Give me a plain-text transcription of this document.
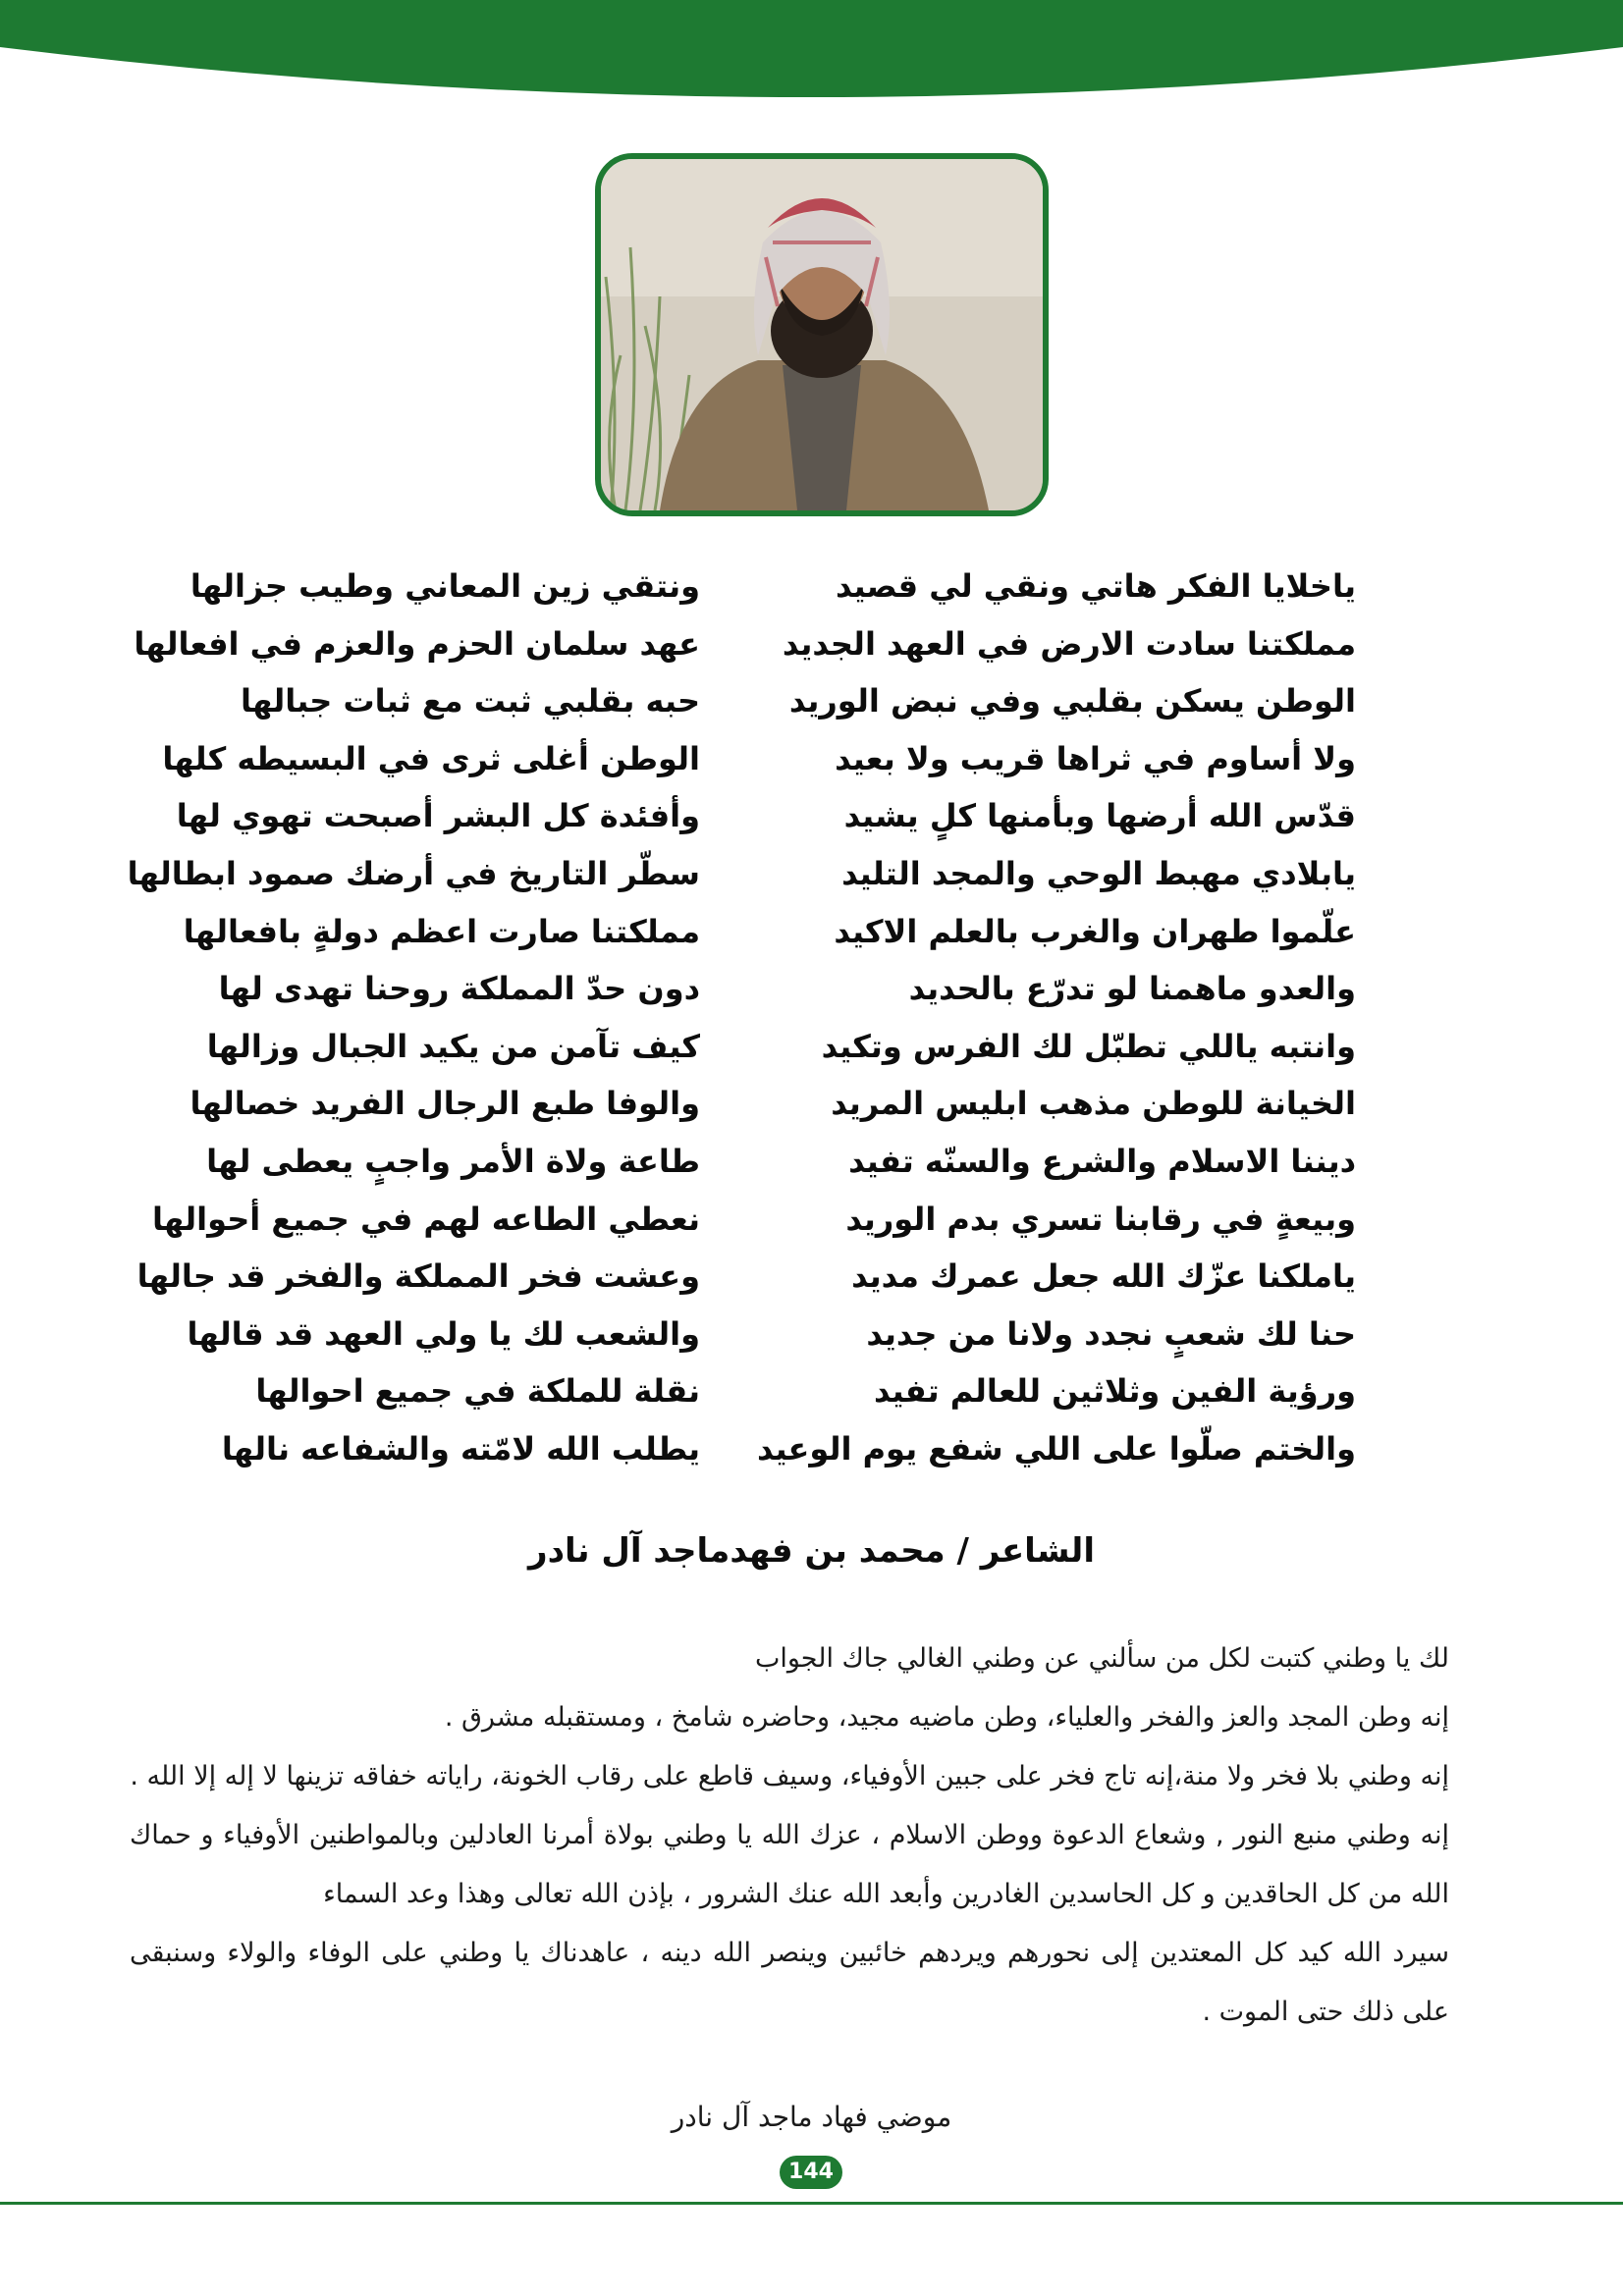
ياخلايا الفكر هاتي ونقي لي قصيد
مملكتنا سادت الارض في العهد الجديد
الوطن يسكن بقلبي وفي نبض الوريد
ولا أساوم في ثراها قريب ولا بعيد
قدّس الله أرضها وبأمنها كلٍ يشيد
يابلادي مهبط الوحي والمجد التليد
علّموا طهران والغرب بالعلم الاكيد
والعدو ماهمنا لو تدرّع بالحديد
وانتبه ياللي تطبّل لك الفرس وتكيد
الخيانة للوطن مذهب ابليس المريد
ديننا الاسلام والشرع والسنّه تفيد
وبيعةٍ في رقابنا تسري بدم الوريد
ياملكنا عزّك الله جعل عمرك مديد
حنا لك شعبٍ نجدد ولانا من جديد
ورؤية الفين وثلاثين للعالم تفيد
والختم صلّوا على اللي شفع يوم الوعيد
ونتقي زين المعاني وطيب جزالها
عهد سلمان الحزم والعزم في افعالها
حبه بقلبي ثبت مع ثبات جبالها
الوطن أغلى ثرى في البسيطه كلها
وأفئدة كل البشر أصبحت تهوي لها
سطّر التاريخ في أرضك صمود ابطالها
مملكتنا صارت اعظم دولةٍ بافعالها
دون حدّ المملكة روحنا تهدى لها
كيف تآمن من يكيد الجبال وزالها
والوفا طبع الرجال الفريد خصالها
طاعة ولاة الأمر واجبٍ يعطى لها
نعطي الطاعه لهم في جميع أحوالها
وعشت فخر المملكة والفخر قد جالها
والشعب لك يا ولي العهد قد قالها
نقلة للملكة في جميع احوالها
يطلب الله لامّته والشفاعه نالها
الشاعر / محمد بن فهدماجد آل نادر

لك يا وطني كتبت لكل من سألني عن وطني الغالي جاك الجواب

إنه وطن المجد والعز والفخر والعلياء، وطن ماضيه مجيد، وحاضره شامخ ، ومستقبله مشرق .

إنه وطني بلا فخر ولا منة،إنه تاج فخر على جبين الأوفياء، وسيف قاطع على رقاب الخونة، راياته خفاقه تزينها لا إله إلا الله .

إنه وطني منبع النور , وشعاع الدعوة ووطن الاسلام ، عزك الله يا وطني بولاة أمرنا العادلين وبالمواطنين الأوفياء و حماك الله من كل الحاقدين و كل الحاسدين الغادرين وأبعد الله عنك الشرور ، بإذن الله تعالى وهذا وعد السماء

سيرد الله كيد كل المعتدين إلى نحورهم ويردهم خائبين وينصر الله دينه ، عاهدناك يا وطني على الوفاء والولاء وسنبقى على ذلك حتى الموت .

موضي فهاد ماجد آل نادر
144
